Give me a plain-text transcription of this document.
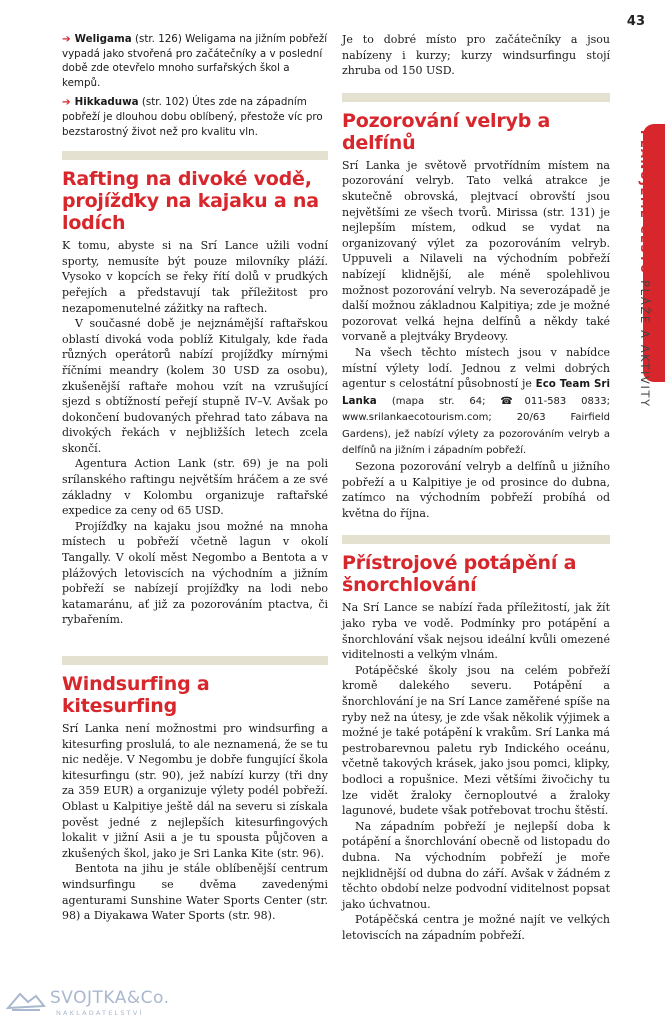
43
PLÁNUJEME CESTU PLÁŽE A AKTIVITY
➔ Weligama (str. 126) Weligama na jižním pobřeží vypadá jako stvořená pro začátečníky a v poslední době zde otevřelo mnoho surfařských škol a kempů.
➔ Hikkaduwa (str. 102) Útes zde na západním pobřeží je dlouhou dobu oblíbený, přestože víc pro bezstarostný život než pro kvalitu vln.
Rafting na divoké vodě, projížďky na kajaku a na lodích

K tomu, abyste si na Srí Lance užili vodní sporty, nemusíte být pouze milovníky pláží. Vysoko v kopcích se řeky řítí dolů v prudkých peřejích a představují tak příležitost pro nezapomenutelné zážitky na raftech.

V současné době je nejznámější raftařskou oblastí divoká voda poblíž Kitulgaly, kde řada různých operátorů nabízí projížďky mírnými říčními meandry (kolem 30 USD za osobu), zkušenější raftaře mohou vzít na vzrušující sjezd s obtížností peřejí stupně IV–V. Avšak po dokončení budovaných přehrad tato zábava na divokých řekách v nejbližších letech zcela skončí.

Agentura Action Lank (str. 69) je na poli srílanského raftingu největším hráčem a ze své základny v Kolombu organizuje raftařské expedice za ceny od 65 USD.

Projížďky na kajaku jsou možné na mnoha místech u pobřeží včetně lagun v okolí Tangally. V okolí měst Negombo a Bentota a v plážových letoviscích na východním a jižním pobřeží se nabízejí projížďky na lodi nebo katamaránu, ať již za pozorováním ptactva, či rybařením.

Windsurfing a kitesurfing

Srí Lanka není možnostmi pro windsurfing a kitesurfing proslulá, to ale neznamená, že se tu nic neděje. V Negombu je dobře fungující škola kitesurfingu (str. 90), jež nabízí kurzy (tři dny za 359 EUR) a organizuje výlety podél pobřeží. Oblast u Kalpitiye ještě dál na severu si získala pověst jedné z nejlepších kitesurfingových lokalit v jižní Asii a je tu spousta půjčoven a zkušených škol, jako je Sri Lanka Kite (str. 96).

Bentota na jihu je stále oblíbenější centrum windsurfingu se dvěma zavedenými agenturami Sunshine Water Sports Center (str. 98) a Diyakawa Water Sports (str. 98).

Je to dobré místo pro začátečníky a jsou nabízeny i kurzy; kurzy windsurfingu stojí zhruba od 150 USD.

Pozorování velryb a delfínů

Srí Lanka je světově prvotřídním místem na pozorování velryb. Tato velká atrakce je skutečně obrovská, plejtvací obrovští jsou největšími ze všech tvorů. Mirissa (str. 131) je nejlepším místem, odkud se vydat na organizovaný výlet za pozorováním velryb. Uppuveli a Nilaveli na východním pobřeží nabízejí klidnější, ale méně spolehlivou možnost pozorování velryb. Na severozápadě je další možnou základnou Kalpitiya; zde je možné pozorovat velká hejna delfínů a někdy také vorvaně a plejtváky Brydeovy.

Na všech těchto místech jsou v nabídce místní výlety lodí. Jednou z velmi dobrých agentur s celostátní působností je Eco Team Sri Lanka (mapa str. 64; ☎011-583 0833; www.srilankaecotourism.com; 20/63 Fairfield Gardens), jež nabízí výlety za pozorováním velryb a delfínů na jižním i západním pobřeží.

Sezona pozorování velryb a delfínů u jižního pobřeží a u Kalpitiye je od prosince do dubna, zatímco na východním pobřeží probíhá od května do října.

Přístrojové potápění a šnorchlování

Na Srí Lance se nabízí řada příležitostí, jak žít jako ryba ve vodě. Podmínky pro potápění a šnorchlování však nejsou ideální kvůli omezené viditelnosti a velkým vlnám.

Potápěčské školy jsou na celém pobřeží kromě dalekého severu. Potápění a šnorchlování je na Srí Lance zaměřené spíše na ryby než na útesy, je zde však několik výjimek a možné je také potápění k vrakům. Srí Lanka má pestrobarevnou paletu ryb Indického oceánu, včetně takových krásek, jako jsou pomci, klipky, bodloci a ropušnice. Mezi většími živočichy tu lze vidět žraloky černoploutvé a žraloky lagunové, budete však potřebovat trochu štěstí.

Na západním pobřeží je nejlepší doba k potápění a šnorchlování obecně od listopadu do dubna. Na východním pobřeží je moře nejklidnější od dubna do září. Avšak v žádném z těchto období nelze podvodní viditelnost popsat jako úchvatnou.

Potápěčská centra je možné najít ve velkých letoviscích na západním pobřeží.

SVOJTKA&Co.
NAKLADATELSTVÍ
